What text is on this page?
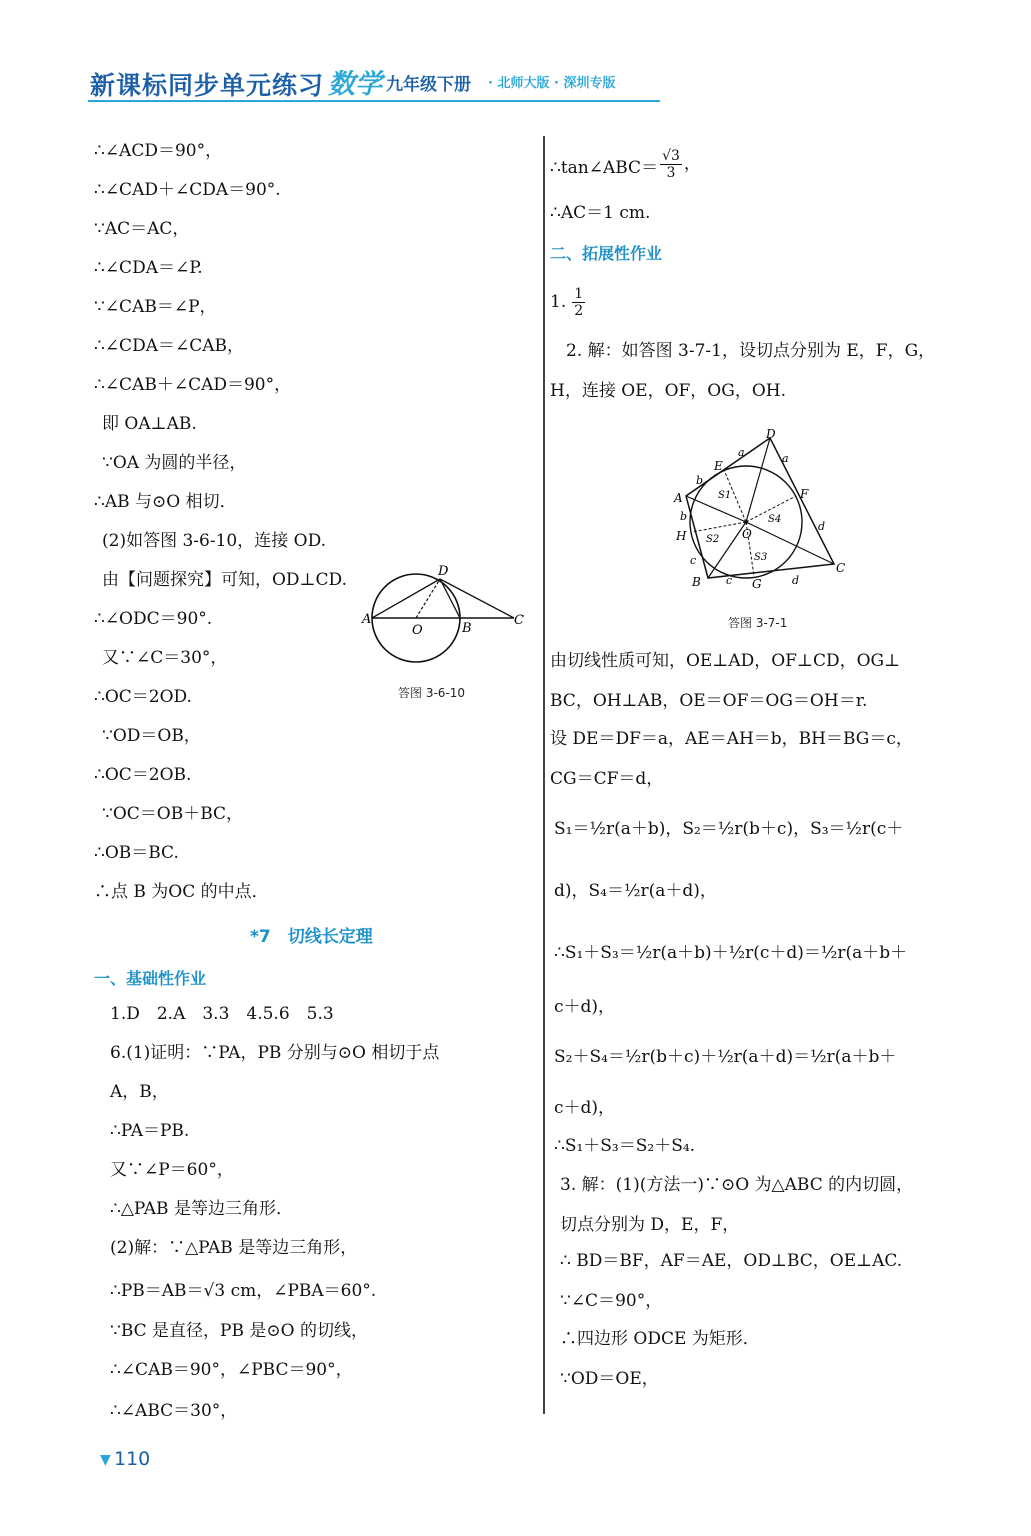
新课标同步单元练习 数学 九年级下册 · 北师大版 · 深圳专版
∴∠ACD＝90°，
∴∠CAD＋∠CDA＝90°.
∵AC＝AC，
∴∠CDA＝∠P.
∵∠CAB＝∠P，
∴∠CDA＝∠CAB，
∴∠CAB＋∠CAD＝90°，
即 OA⊥AB.
∵OA 为圆的半径，
∴AB 与⊙O 相切．
(2)如答图 3-6-10，连接 OD.
由【问题探究】可知，OD⊥CD.
∴∠ODC＝90°.
又∵∠C＝30°，
∴OC＝2OD.
∵OD＝OB，
∴OC＝2OB.
∵OC＝OB＋BC，
∴OB＝BC.
∴点 B 为OC 的中点．
A
O	B
C
D
答图 3-6-10
*7　切线长定理
一、基础性作业
1.D　2.A　3.3　4.5.6　5.3
6.(1)证明：∵PA，PB 分别与⊙O 相切于点
A，B，
∴PA＝PB.
又∵∠P＝60°，
∴△PAB 是等边三角形．
(2)解：∵△PAB 是等边三角形，
∴PB＝AB＝√3 cm，∠PBA＝60°.
∵BC 是直径，PB 是⊙O 的切线，
∴∠CAB＝90°，∠PBC＝90°，
∴∠ABC＝30°，
∴tan∠ABC＝ $\frac{√3}{3}$ ，
∴AC＝1 cm.
二、拓展性作业
1. $\frac{1}{2}$
2. 解：如答图 3-7-1，设切点分别为 E，F，G，
H，连接 OE，OF，OG，OH.
D
a	a
E
F
A
b
b
d
O
H
c
c G	d
B
C
S1
S2
S3
S4
答图 3-7-1
由切线性质可知，OE⊥AD，OF⊥CD，OG⊥
BC，OH⊥AB，OE＝OF＝OG＝OH＝r.
设 DE＝DF＝a，AE＝AH＝b，BH＝BG＝c，
CG＝CF＝d，
S₁＝½r(a＋b)，S₂＝½r(b＋c)，S₃＝½r(c＋
d)，S₄＝½r(a＋d)，
∴S₁＋S₃＝½r(a＋b)＋½r(c＋d)＝½r(a＋b＋
c＋d)，
S₂＋S₄＝½r(b＋c)＋½r(a＋d)＝½r(a＋b＋
c＋d)，
∴S₁＋S₃＝S₂＋S₄.
3. 解：(1)(方法一)∵⊙O 为△ABC 的内切圆，
切点分别为 D，E，F，
∴ BD＝BF，AF＝AE，OD⊥BC，OE⊥AC.
∵∠C＝90°，
∴四边形 ODCE 为矩形．
∵OD＝OE，
▼ 110
